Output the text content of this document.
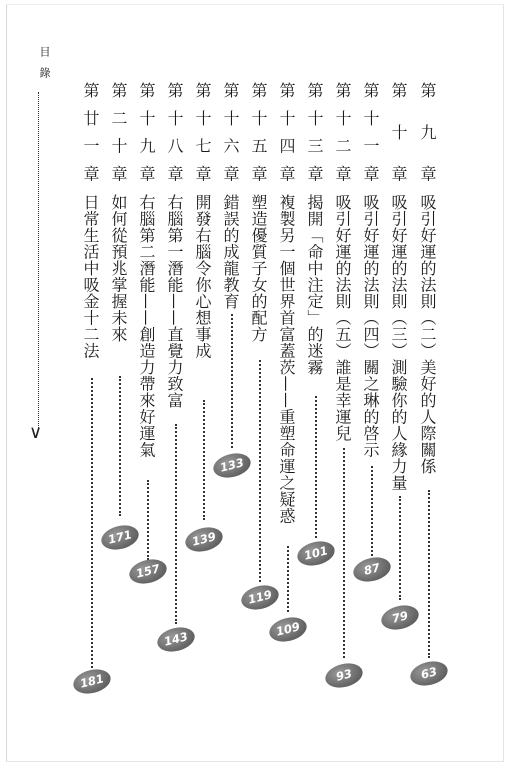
目錄
∨
第九章
吸引好運的法則（二）美好的人際關係
63
第十章
吸引好運的法則（三）測驗你的人緣力量
79
第十一章
吸引好運的法則（四）關之琳的啓示
87
第十二章
吸引好運的法則（五）誰是幸運兒
93
第十三章
揭開「命中注定」的迷霧
101
第十四章
複製另一個世界首富蓋茨——重塑命運之疑惑
109
第十五章
塑造優質子女的配方
119
第十六章
錯誤的成龍教育
133
第十七章
開發右腦令你心想事成
139
第十八章
右腦第一潛能——直覺力致富
143
第十九章
右腦第二潛能——創造力帶來好運氣
157
第二十章
如何從預兆掌握未來
171
第廿一章
日常生活中吸金十二法
181
